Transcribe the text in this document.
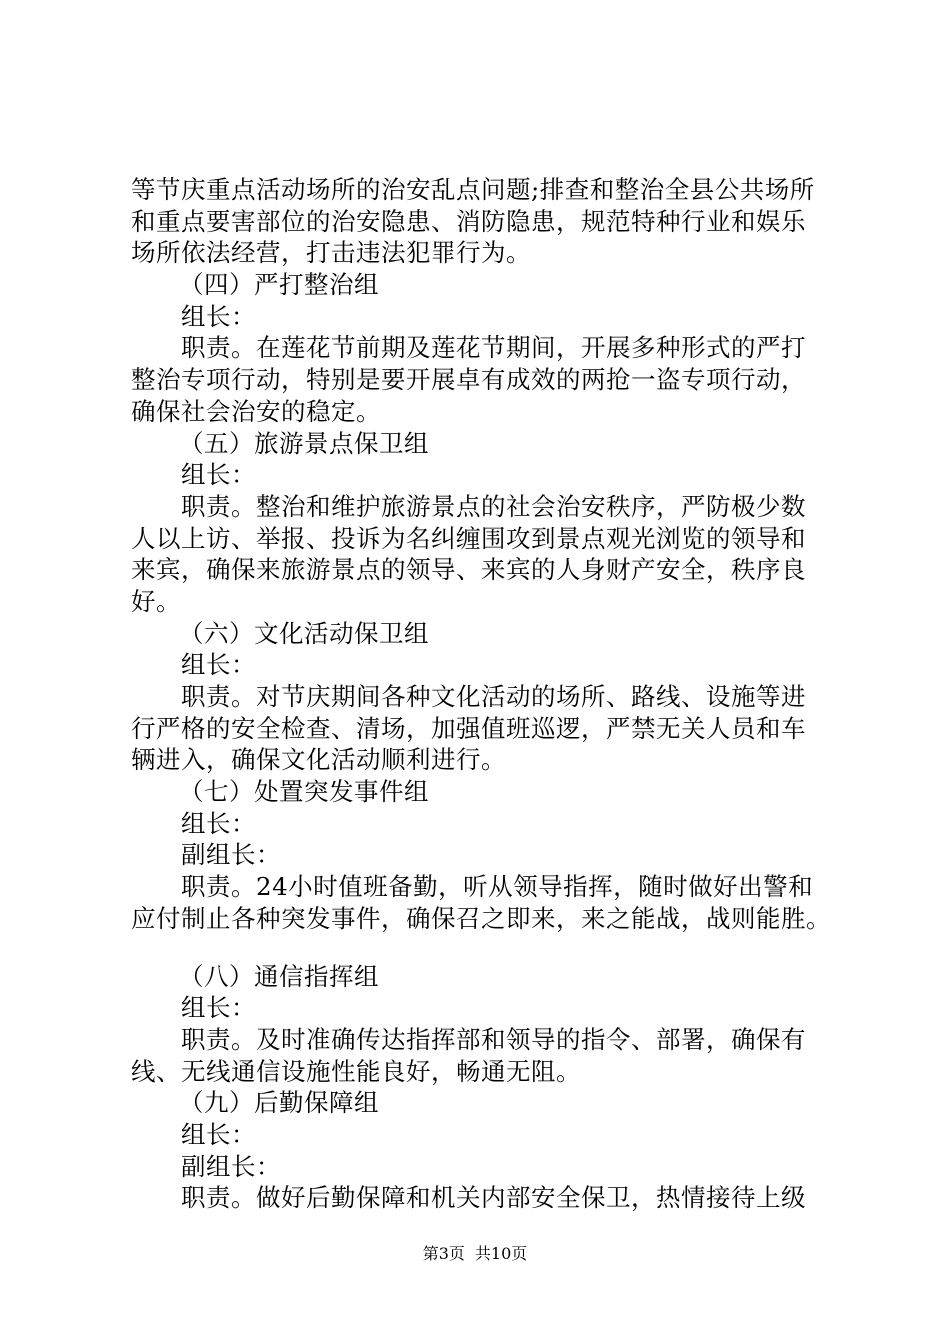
等节庆重点活动场所的治安乱点问题;排查和整治全县公共场所
和重点要害部位的治安隐患、消防隐患，规范特种行业和娱乐
场所依法经营，打击违法犯罪行为。
（四）严打整治组
组长：
职责。在莲花节前期及莲花节期间，开展多种形式的严打
整治专项行动，特别是要开展卓有成效的两抢一盗专项行动，
确保社会治安的稳定。
（五）旅游景点保卫组
组长：
职责。整治和维护旅游景点的社会治安秩序，严防极少数
人以上访、举报、投诉为名纠缠围攻到景点观光浏览的领导和
来宾，确保来旅游景点的领导、来宾的人身财产安全，秩序良
好。
（六）文化活动保卫组
组长：
职责。对节庆期间各种文化活动的场所、路线、设施等进
行严格的安全检查、清场，加强值班巡逻，严禁无关人员和车
辆进入，确保文化活动顺利进行。
（七）处置突发事件组
组长：
副组长：
职责。24小时值班备勤，听从领导指挥，随时做好出警和
应付制止各种突发事件，确保召之即来，来之能战，战则能胜。
（八）通信指挥组
组长：
职责。及时准确传达指挥部和领导的指令、部署，确保有
线、无线通信设施性能良好，畅通无阻。
（九）后勤保障组
组长：
副组长：
职责。做好后勤保障和机关内部安全保卫，热情接待上级
第3页 共10页
